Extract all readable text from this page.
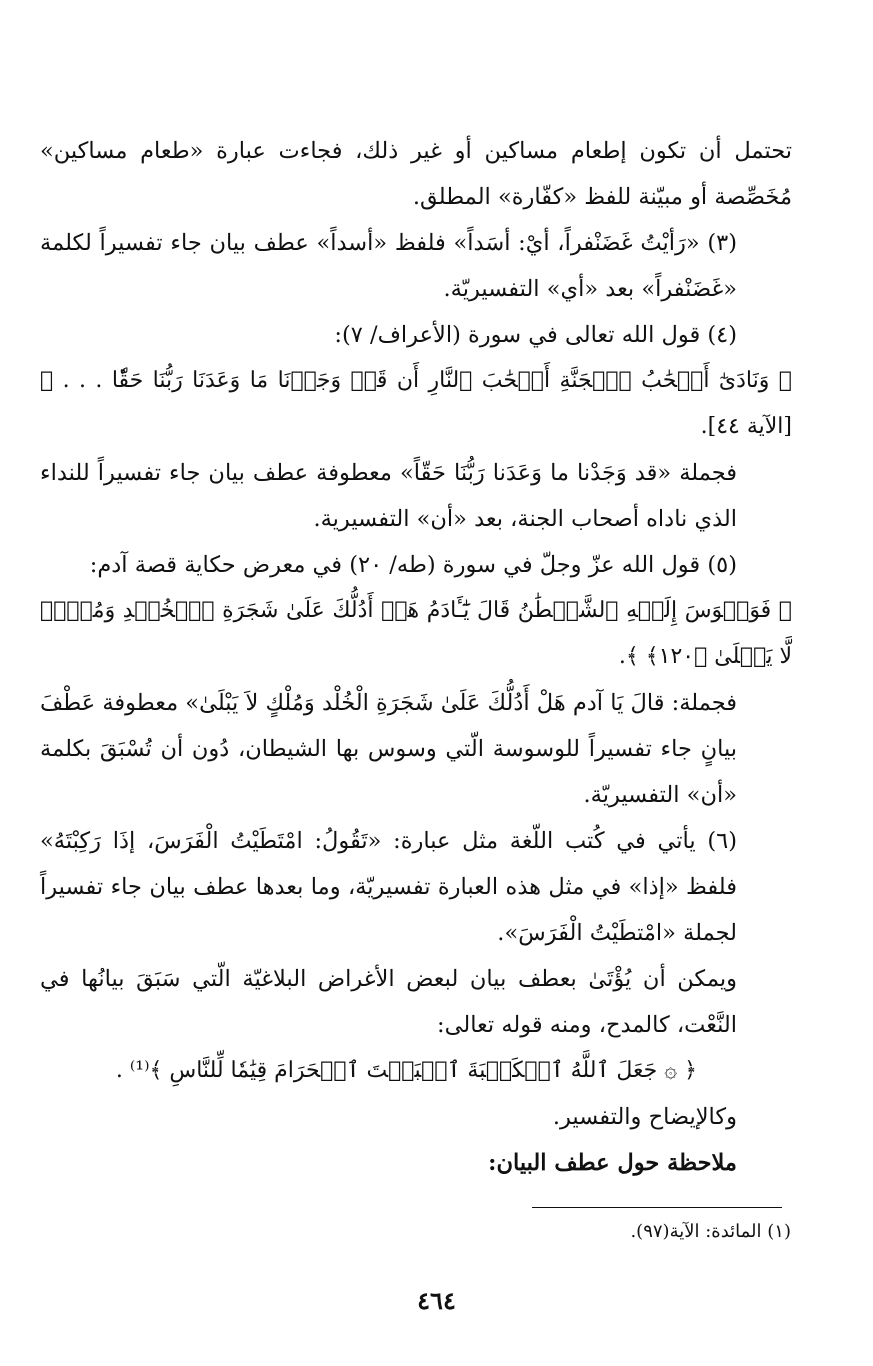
تحتمل أن تكون إطعام مساكين أو غير ذلك، فجاءت عبارة «طعام مساكين» مُخَصِّصة أو مبيّنة للفظ «كفّارة» المطلق.

(٣) «رَأيْتُ غَضَنْفراً، أيْ: أسَداً» فلفظ «أسداً» عطف بيان جاء تفسيراً لكلمة «غَضَنْفراً» بعد «أي» التفسيريّة.

(٤) قول الله تعالى في سورة (الأعراف/ ٧):

﴿ وَنَادَىٰٓ أَصۡحَٰبُ ٱلۡجَنَّةِ أَصۡحَٰبَ ٱلنَّارِ أَن قَدۡ وَجَدۡنَا مَا وَعَدَنَا رَبُّنَا حَقّٗا . . . ﴾ [الآية ٤٤].

فجملة «قد وَجَدْنا ما وَعَدَنا رَبُّنَا حَقّاً» معطوفة عطف بيان جاء تفسيراً للنداء الذي ناداه أصحاب الجنة، بعد «أن» التفسيرية.

(٥) قول الله عزّ وجلّ في سورة (طه/ ٢٠) في معرض حكاية قصة آدم:

﴿ فَوَسۡوَسَ إِلَيۡهِ ٱلشَّيۡطَٰنُ قَالَ يَٰٓـَٔادَمُ هَلۡ أَدُلُّكَ عَلَىٰ شَجَرَةِ ٱلۡخُلۡدِ وَمُلۡكٖ لَّا يَبۡلَىٰ ﴿١٢٠﴾ ﴾.

فجملة: قالَ يَا آدم هَلْ أَدُلُّكَ عَلَىٰ شَجَرَةِ الْخُلْد وَمُلْكٍ لاَ يَبْلَىٰ» معطوفة عَطْفَ بيانٍ جاء تفسيراً للوسوسة الّتي وسوس بها الشيطان، دُون أن تُسْبَقَ بكلمة «أن» التفسيريّة.

(٦) يأتي في كُتب اللّغة مثل عبارة: «تَقُولُ: امْتَطَيْتُ الْفَرَسَ، إذَا رَكِبْتَهُ» فلفظ «إذا» في مثل هذه العبارة تفسيريّة، وما بعدها عطف بيان جاء تفسيراً لجملة «امْتطَيْتُ الْفَرَسَ».

ويمكن أن يُؤْتَىٰ بعطف بيان لبعض الأغراض البلاغيّة الّتي سَبَقَ بيانُها في النَّعْت، كالمدح، ومنه قوله تعالى:

﴿ ۞ جَعَلَ ٱللَّهُ ٱلۡكَعۡبَةَ ٱلۡبَيۡتَ ٱلۡحَرَامَ قِيَٰمٗا لِّلنَّاسِ ﴾⁽¹⁾ .

وكالإيضاح والتفسير.

ملاحظة حول عطف البيان:

(١) المائدة: الآية(٩٧).
٤٦٤
